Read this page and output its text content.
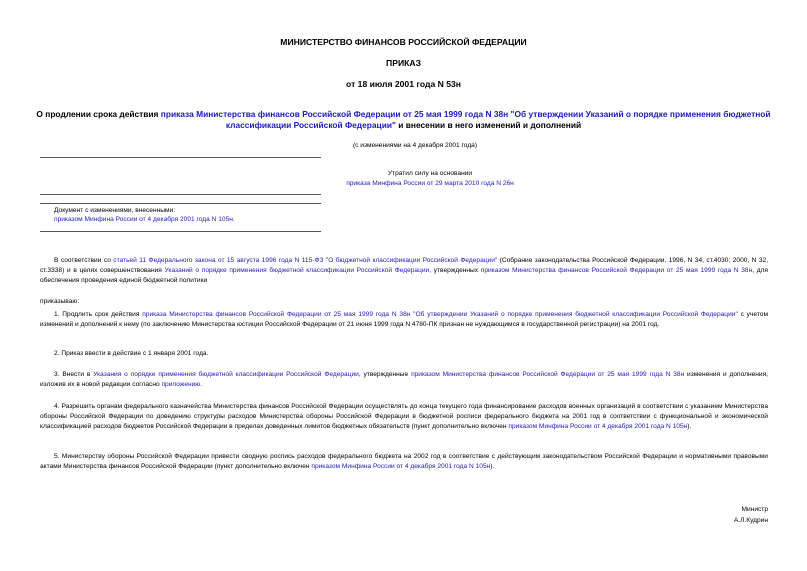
МИНИСТЕРСТВО ФИНАНСОВ РОССИЙСКОЙ ФЕДЕРАЦИИ
ПРИКАЗ
от 18 июля 2001 года N 53н
О продлении срока действия приказа Министерства финансов Российской Федерации от 25 мая 1999 года N 38н "Об утверждении Указаний о порядке применения бюджетной классификации Российской Федерации" и внесении в него изменений и дополнений
(с изменениями на 4 декабря 2001 года)
Утратил силу на основании
приказа Минфина России от 29 марта 2010 года N 26н
Документ с изменениями, внесенными:
приказом Минфина России от 4 декабря 2001 года N 105н.
В соответствии со статьей 11 Федерального закона от 15 августа 1996 года N 115-ФЗ "О бюджетной классификации Российской Федерации" (Собрание законодательства Российской Федерации, 1996, N 34, ст.4030; 2000, N 32, ст.3338) и в целях совершенствования Указаний о порядке применения бюджетной классификации Российской Федерации, утвержденных приказом Министерства финансов Российской Федерации от 25 мая 1999 года N 38н, для обеспечения проведения единой бюджетной политики
приказываю:
1. Продлить срок действия приказа Министерства финансов Российской Федерации от 25 мая 1999 года N 38н "Об утверждении Указаний о порядке применения бюджетной классификации Российской Федерации" с учетом изменений и дополнений к нему (по заключению Министерства юстиции Российской Федерации от 21 июня 1999 года N 4780-ПК признан не нуждающимся в государственной регистрации) на 2001 год.
2. Приказ ввести в действие с 1 января 2001 года.
3. Внести в Указания о порядке применения бюджетной классификации Российской Федерации, утвержденные приказом Министерства финансов Российской Федерации от 25 мая 1999 года N 38н изменения и дополнения, изложив их в новой редакции согласно приложению.
4. Разрешить органам федерального казначейства Министерства финансов Российской Федерации осуществлять до конца текущего года финансирование расходов военных организаций в соответствии с указанием Министерства обороны Российской Федерации по доведению структуры расходов Министерства обороны Российской Федерации в бюджетной росписи федерального бюджета на 2001 год в соответствии с функциональной и экономической классификацией расходов бюджетов Российской Федерации в пределах доведенных лимитов бюджетных обязательств (пункт дополнительно включен приказом Минфина России от 4 декабря 2001 года N 105н).
5. Министерству обороны Российской Федерации привести сводную роспись расходов федерального бюджета на 2002 год в соответствие с действующим законодательством Российской Федерации и нормативными правовыми актами Министерства финансов Российской Федерации (пункт дополнительно включен приказом Минфина России от 4 декабря 2001 года N 105н).
Министр
А.Л.Кудрин
